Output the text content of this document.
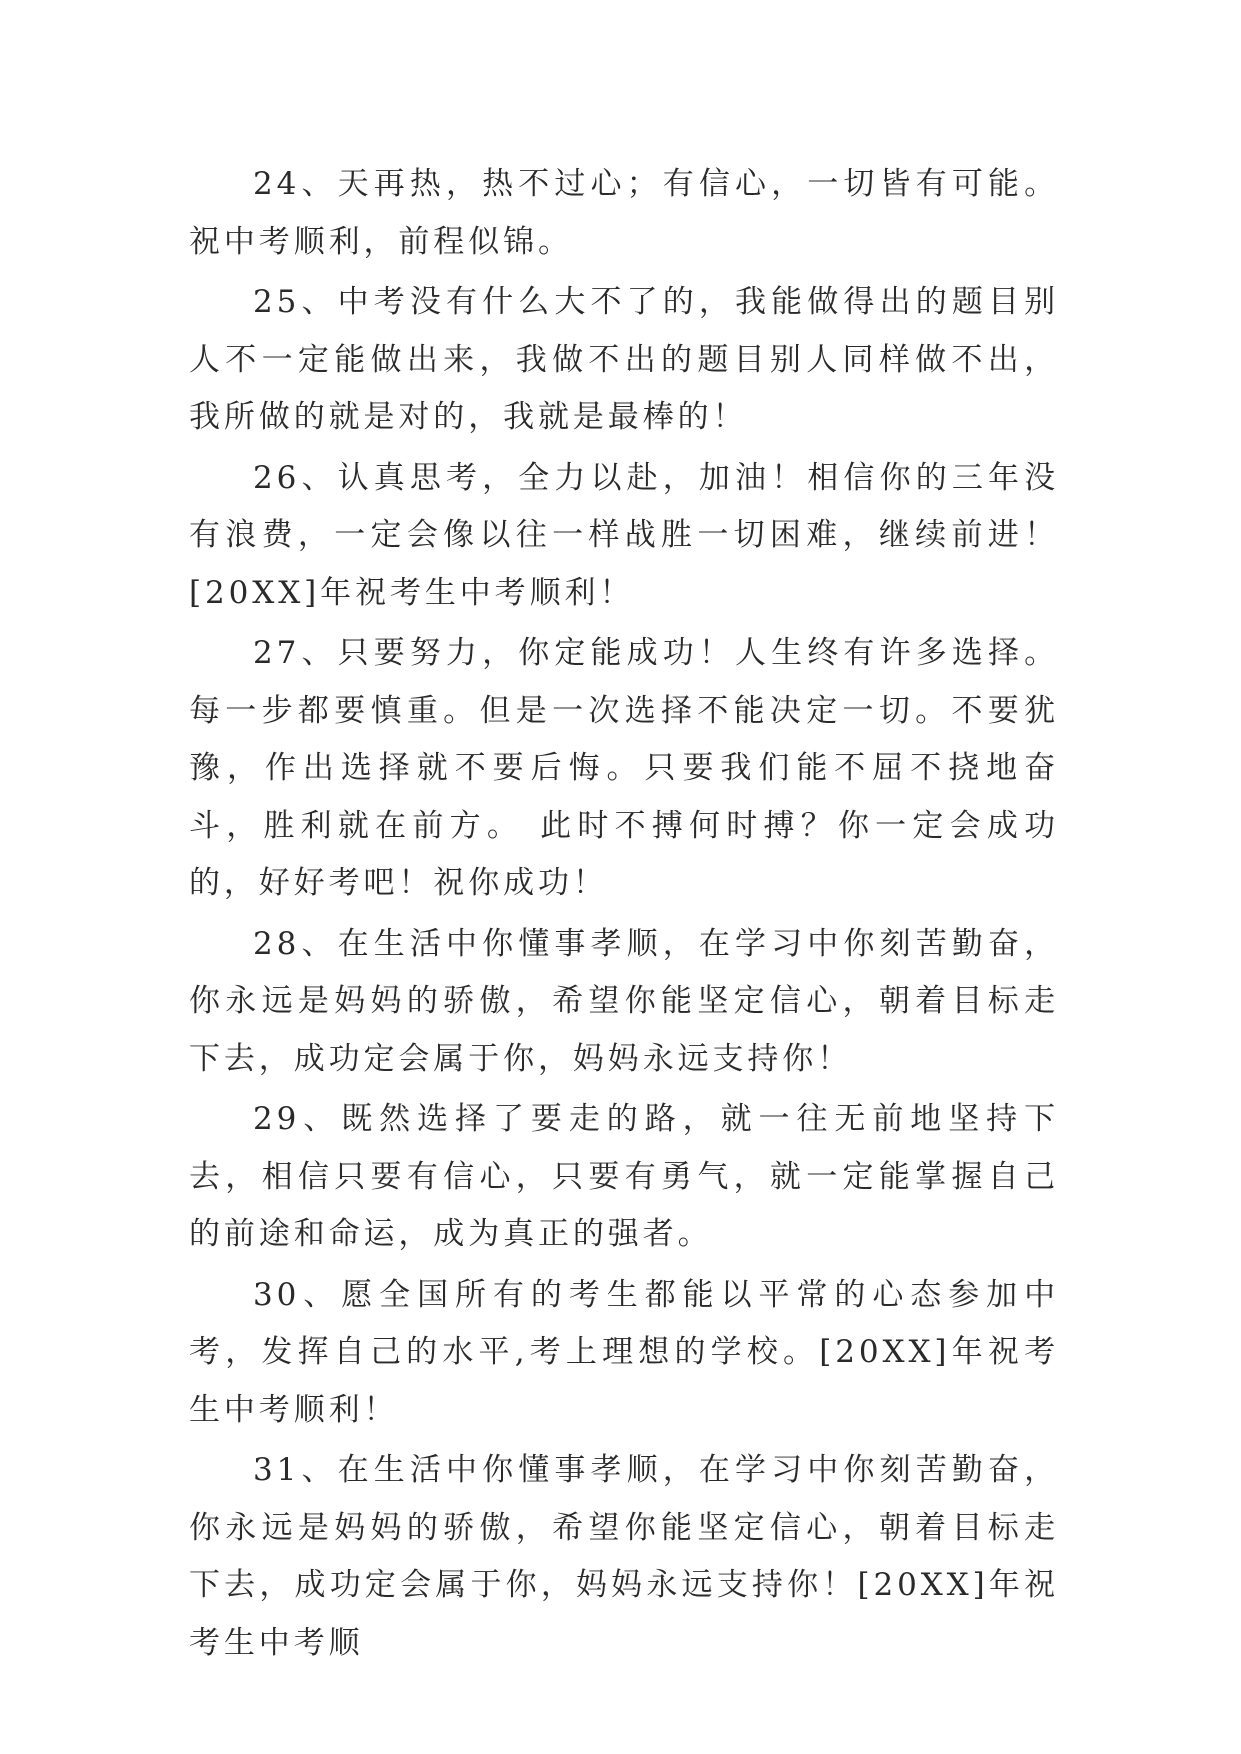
24、天再热，热不过心；有信心，一切皆有可能。祝中考顺利，前程似锦。

25、中考没有什么大不了的，我能做得出的题目别人不一定能做出来，我做不出的题目别人同样做不出，我所做的就是对的，我就是最棒的！

26、认真思考，全力以赴，加油！相信你的三年没有浪费，一定会像以往一样战胜一切困难，继续前进！[20XX]年祝考生中考顺利！

27、只要努力，你定能成功！人生终有许多选择。每一步都要慎重。但是一次选择不能决定一切。不要犹豫，作出选择就不要后悔。只要我们能不屈不挠地奋斗，胜利就在前方。 此时不搏何时搏？你一定会成功的，好好考吧！祝你成功！

28、在生活中你懂事孝顺，在学习中你刻苦勤奋，你永远是妈妈的骄傲，希望你能坚定信心，朝着目标走下去，成功定会属于你，妈妈永远支持你！

29、既然选择了要走的路，就一往无前地坚持下去，相信只要有信心，只要有勇气，就一定能掌握自己的前途和命运，成为真正的强者。

30、愿全国所有的考生都能以平常的心态参加中考，发挥自己的水平,考上理想的学校。[20XX]年祝考生中考顺利！

31、在生活中你懂事孝顺，在学习中你刻苦勤奋，你永远是妈妈的骄傲，希望你能坚定信心，朝着目标走下去，成功定会属于你，妈妈永远支持你！[20XX]年祝考生中考顺
